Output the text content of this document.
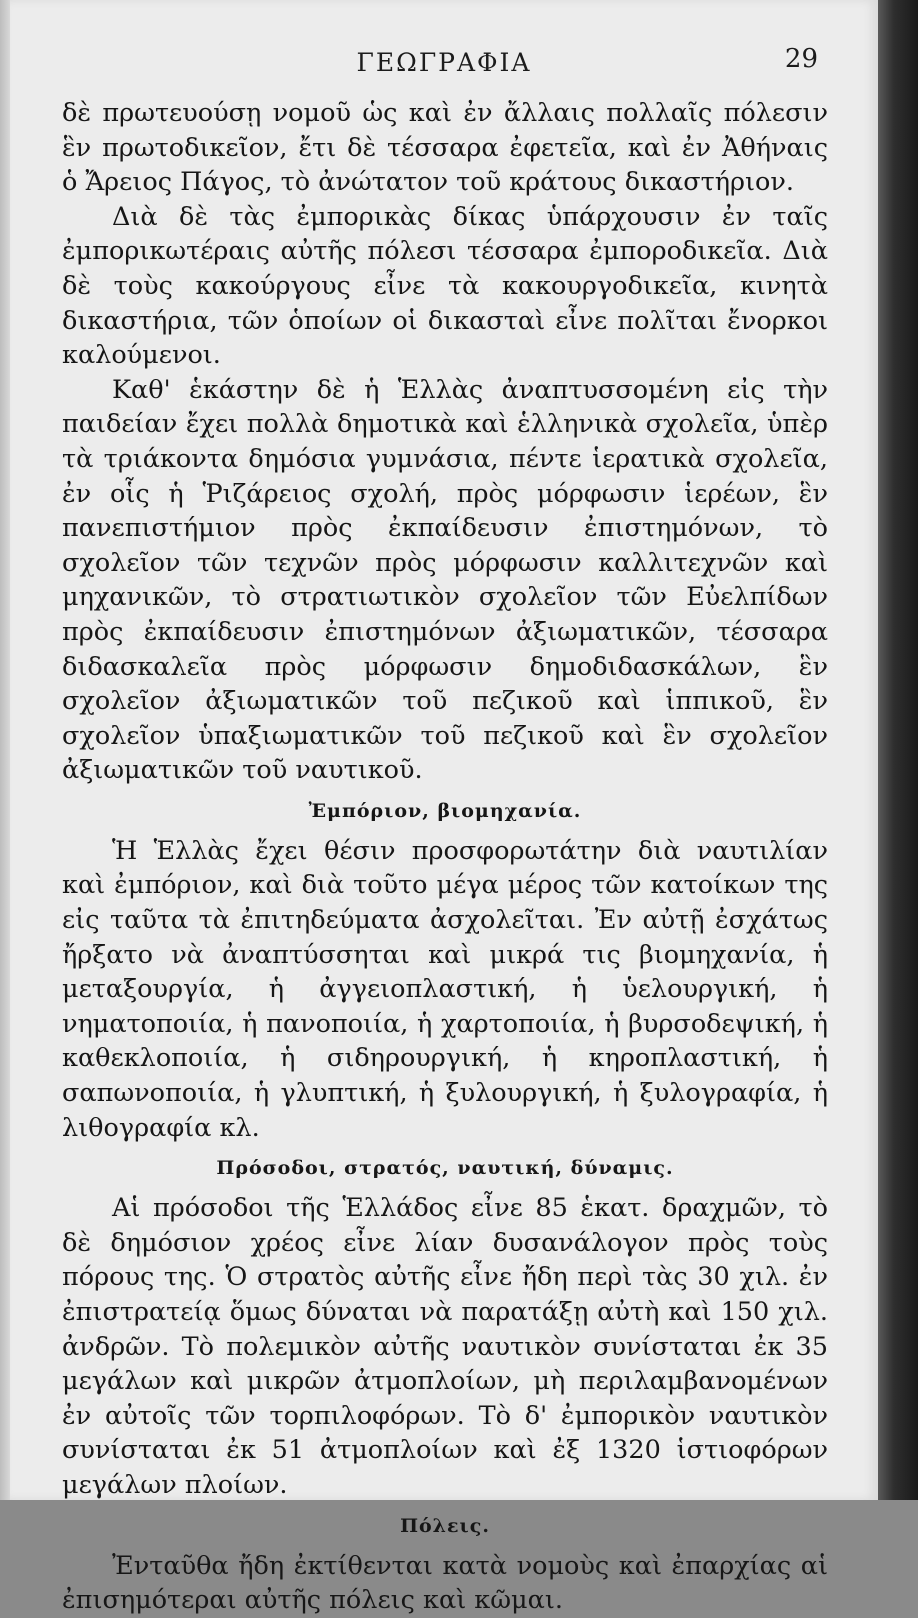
ΓΕΩΓΡΑΦΙΑ	29

δὲ πρωτευούσῃ νομοῦ ὡς καὶ ἐν ἄλλαις πολλαῖς πόλεσιν ἓν πρωτοδικεῖον, ἔτι δὲ τέσσαρα ἐφετεῖα, καὶ ἐν Ἀθήναις ὁ Ἄρειος Πάγος, τὸ ἀνώτατον τοῦ κράτους δικαστήριον.

Διὰ δὲ τὰς ἐμπορικὰς δίκας ὑπάρχουσιν ἐν ταῖς ἐμπορικωτέραις αὐτῆς πόλεσι τέσσαρα ἐμποροδικεῖα. Διὰ δὲ τοὺς κακούργους εἶνε τὰ κακουργοδικεῖα, κινητὰ δικαστήρια, τῶν ὁποίων οἱ δικασταὶ εἶνε πολῖται ἔνορκοι καλούμενοι.

Καθ' ἑκάστην δὲ ἡ Ἑλλὰς ἀναπτυσσομένη εἰς τὴν παιδείαν ἔχει πολλὰ δημοτικὰ καὶ ἑλληνικὰ σχολεῖα, ὑπὲρ τὰ τριάκοντα δημόσια γυμνάσια, πέντε ἱερατικὰ σχολεῖα, ἐν οἷς ἡ Ῥιζάρειος σχολή, πρὸς μόρφωσιν ἱερέων, ἓν πανεπιστήμιον πρὸς ἐκπαίδευσιν ἐπιστημόνων, τὸ σχολεῖον τῶν τεχνῶν πρὸς μόρφωσιν καλλιτεχνῶν καὶ μηχανικῶν, τὸ στρατιωτικὸν σχολεῖον τῶν Εὐελπίδων πρὸς ἐκπαίδευσιν ἐπιστημόνων ἀξιωματικῶν, τέσσαρα διδασκαλεῖα πρὸς μόρφωσιν δημοδιδασκάλων, ἓν σχολεῖον ἀξιωματικῶν τοῦ πεζικοῦ καὶ ἱππικοῦ, ἓν σχολεῖον ὑπαξιωματικῶν τοῦ πεζικοῦ καὶ ἓν σχολεῖον ἀξιωματικῶν τοῦ ναυτικοῦ.

Ἐμπόριον, βιομηχανία.

Ἡ Ἑλλὰς ἔχει θέσιν προσφορωτάτην διὰ ναυτιλίαν καὶ ἐμπόριον, καὶ διὰ τοῦτο μέγα μέρος τῶν κατοίκων της εἰς ταῦτα τὰ ἐπιτηδεύματα ἀσχολεῖται. Ἐν αὐτῇ ἐσχάτως ἤρξατο νὰ ἀναπτύσσηται καὶ μικρά τις βιομηχανία, ἡ μεταξουργία, ἡ ἀγγειοπλαστική, ἡ ὑελουργική, ἡ νηματοποιία, ἡ πανοποιία, ἡ χαρτοποιία, ἡ βυρσοδεψική, ἡ καθεκλοποιία, ἡ σιδηρουργική, ἡ κηροπλαστική, ἡ σαπωνοποιία, ἡ γλυπτική, ἡ ξυλουργική, ἡ ξυλογραφία, ἡ λιθογραφία κλ.

Πρόσοδοι, στρατός, ναυτική, δύναμις.

Αἱ πρόσοδοι τῆς Ἑλλάδος εἶνε 85 ἑκατ. δραχμῶν, τὸ δὲ δημόσιον χρέος εἶνε λίαν δυσανάλογον πρὸς τοὺς πόρους της. Ὁ στρατὸς αὐτῆς εἶνε ἤδη περὶ τὰς 30 χιλ. ἐν ἐπιστρατείᾳ ὅμως δύναται νὰ παρατάξῃ αὐτὴ καὶ 150 χιλ. ἀνδρῶν. Τὸ πολεμικὸν αὐτῆς ναυτικὸν συνίσταται ἐκ 35 μεγάλων καὶ μικρῶν ἀτμοπλοίων, μὴ περιλαμβανομένων ἐν αὐτοῖς τῶν τορπιλοφόρων. Τὸ δ' ἐμπορικὸν ναυτικὸν συνίσταται ἐκ 51 ἀτμοπλοίων καὶ ἐξ 1320 ἱστιοφόρων μεγάλων πλοίων.

Πόλεις.

Ἐνταῦθα ἤδη ἐκτίθενται κατὰ νομοὺς καὶ ἐπαρχίας αἱ ἐπισημότεραι αὐτῆς πόλεις καὶ κῶμαι.
